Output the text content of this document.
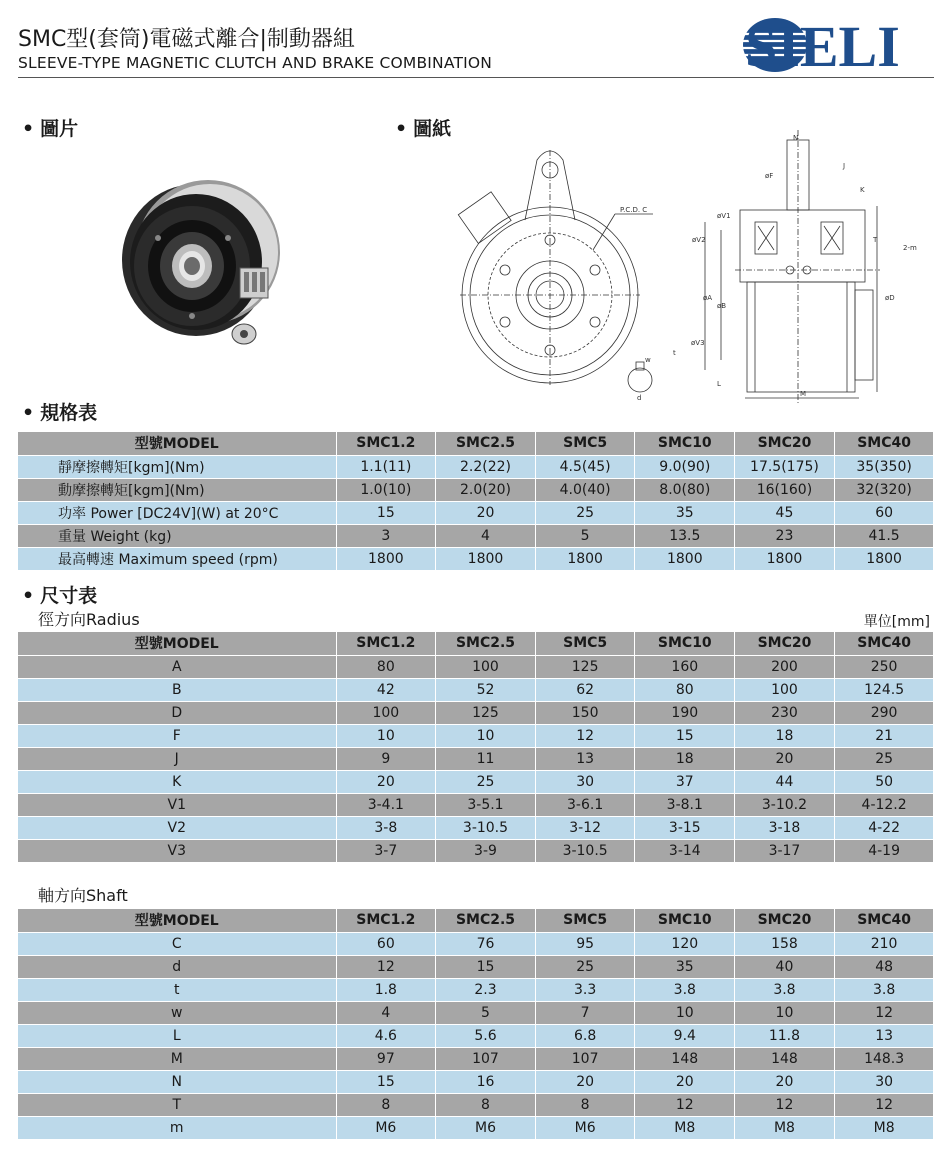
SMC型(套筒)電磁式離合|制動器組
SLEEVE-TYPE MAGNETIC CLUTCH AND BRAKE COMBINATION	SIELI
• 圖片	• 圖紙
P.C.D. C
M
L
N
øF
J
K
øV1
øV2
øA
øB
øD
øV3
T
2-m
w
t
d
• 規格表
型號MODEL	SMC1.2	SMC2.5	SMC5	SMC10	SMC20	SMC40
靜摩擦轉矩[kgm](Nm)	1.1(11)	2.2(22)	4.5(45)	9.0(90)	17.5(175)	35(350)
動摩擦轉矩[kgm](Nm)	1.0(10)	2.0(20)	4.0(40)	8.0(80)	16(160)	32(320)
功率 Power [DC24V](W) at 20°C	15	20	25	35	45	60
重量 Weight (kg)	3	4	5	13.5	23	41.5
最高轉速 Maximum speed (rpm)	1800	1800	1800	1800	1800	1800
• 尺寸表
徑方向Radius	單位[mm]
型號MODEL	SMC1.2	SMC2.5	SMC5	SMC10	SMC20	SMC40
A	80	100	125	160	200	250
B	42	52	62	80	100	124.5
D	100	125	150	190	230	290
F	10	10	12	15	18	21
J	9	11	13	18	20	25
K	20	25	30	37	44	50
V1	3-4.1	3-5.1	3-6.1	3-8.1	3-10.2	4-12.2
V2	3-8	3-10.5	3-12	3-15	3-18	4-22
V3	3-7	3-9	3-10.5	3-14	3-17	4-19
軸方向Shaft
型號MODEL	SMC1.2	SMC2.5	SMC5	SMC10	SMC20	SMC40
C	60	76	95	120	158	210
d	12	15	25	35	40	48
t	1.8	2.3	3.3	3.8	3.8	3.8
w	4	5	7	10	10	12
L	4.6	5.6	6.8	9.4	11.8	13
M	97	107	107	148	148	148.3
N	15	16	20	20	20	30
T	8	8	8	12	12	12
m	M6	M6	M6	M8	M8	M8
